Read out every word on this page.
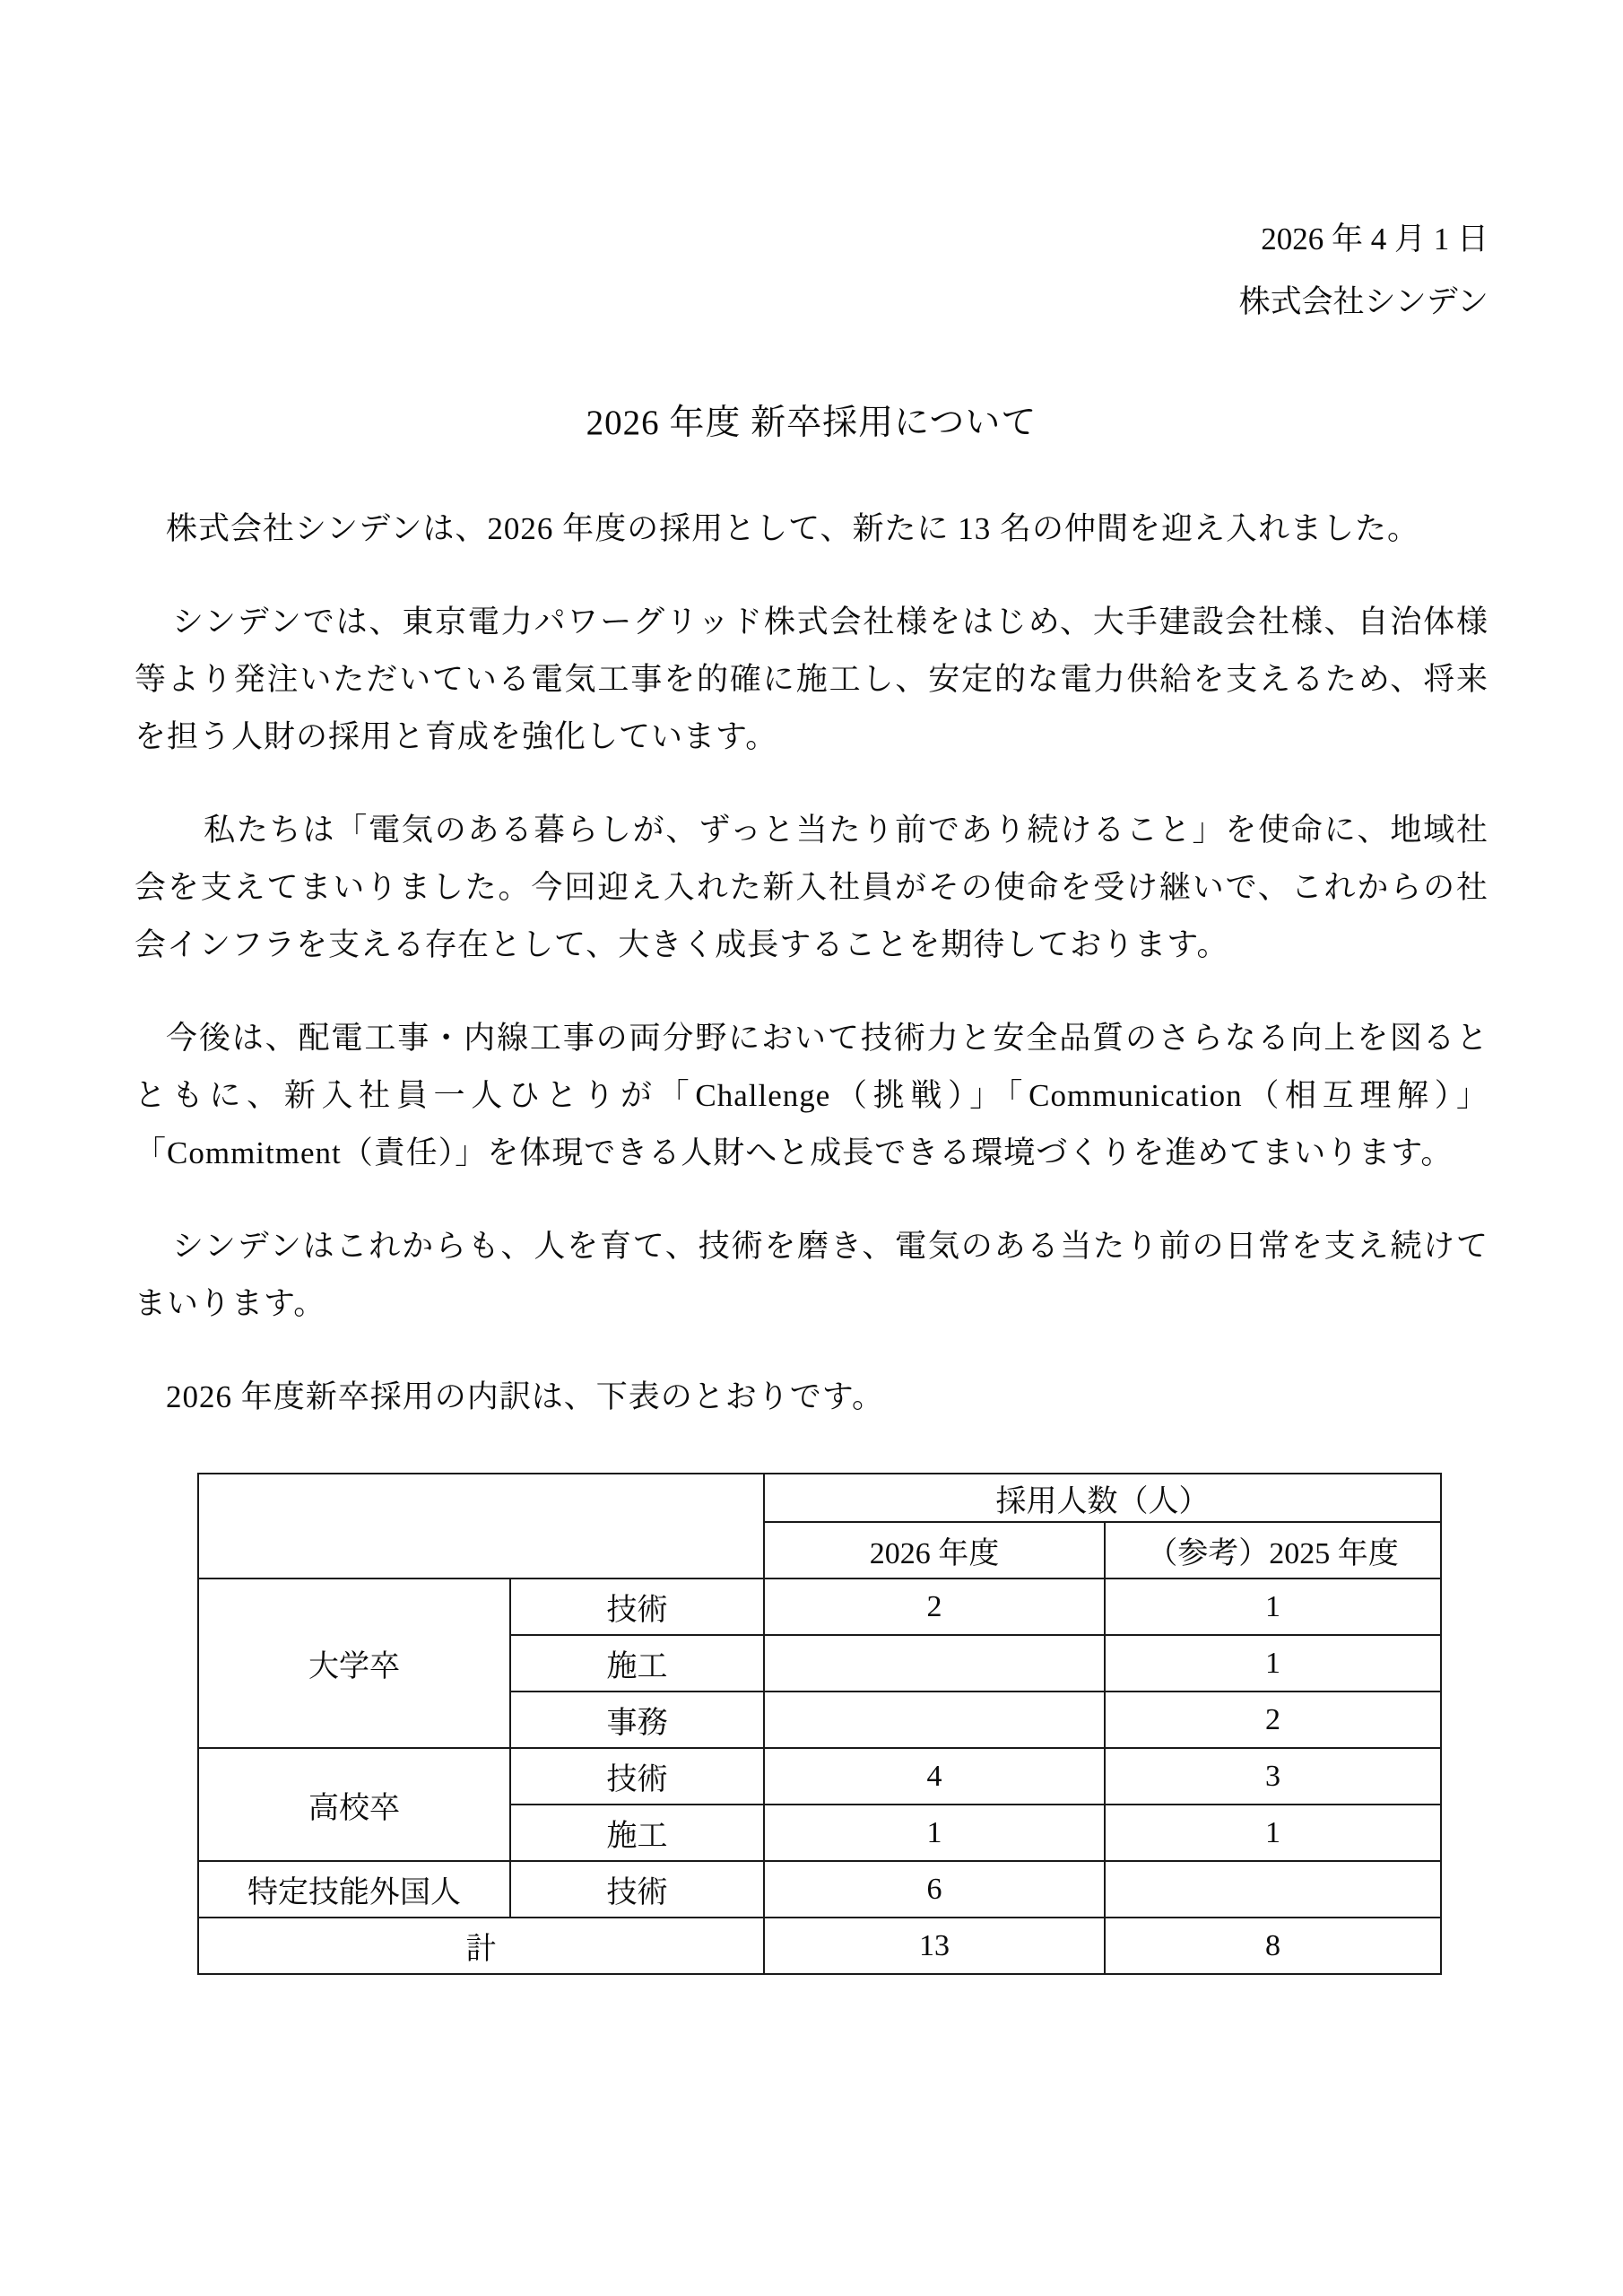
2026 年 4 月 1 日
株式会社シンデン
2026 年度 新卒採用について

株式会社シンデンは、2026 年度の採用として、新たに 13 名の仲間を迎え入れました。

シンデンでは、東京電力パワーグリッド株式会社様をはじめ、大手建設会社様、自治体様等より発注いただいている電気工事を的確に施工し、安定的な電力供給を支えるため、将来を担う人財の採用と育成を強化しています。

私たちは「電気のある暮らしが、ずっと当たり前であり続けること」を使命に、地域社会を支えてまいりました。今回迎え入れた新入社員がその使命を受け継いで、これからの社会インフラを支える存在として、大きく成長することを期待しております。

今後は、配電工事・内線工事の両分野において技術力と安全品質のさらなる向上を図るとともに、新入社員一人ひとりが「Challenge（挑戦）」「Communication（相互理解）」「Commitment（責任）」を体現できる人財へと成長できる環境づくりを進めてまいります。

シンデンはこれからも、人を育て、技術を磨き、電気のある当たり前の日常を支え続けてまいります。

2026 年度新卒採用の内訳は、下表のとおりです。

		採用人数（人）	
		2026 年度	（参考）2025 年度
大学卒	技術	2	1
	施工		1
	事務		2
高校卒	技術	4	3
	施工	1	1
特定技能外国人	技術	6	
計		13	8
